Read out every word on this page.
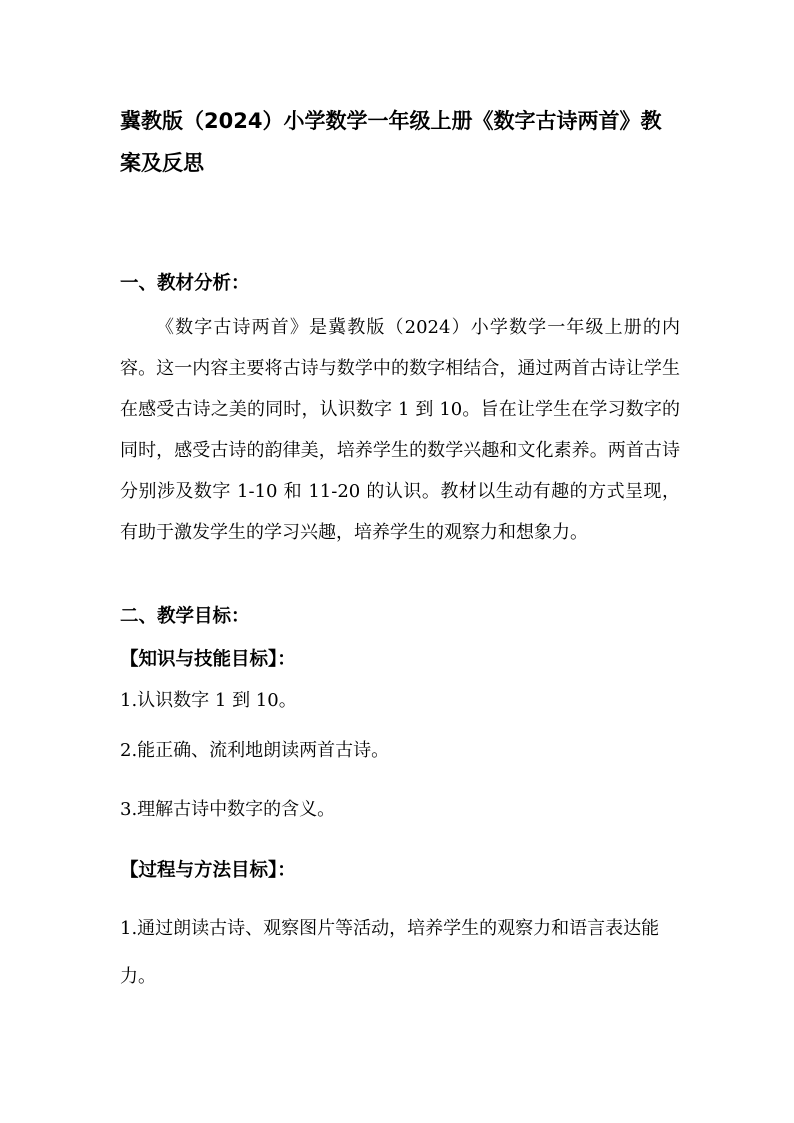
冀教版（2024）小学数学一年级上册《数字古诗两首》教案及反思
一、教材分析：

《数字古诗两首》是冀教版（2024）小学数学一年级上册的内容。这一内容主要将古诗与数学中的数字相结合，通过两首古诗让学生在感受古诗之美的同时，认识数字 1 到 10。旨在让学生在学习数字的同时，感受古诗的韵律美，培养学生的数学兴趣和文化素养。两首古诗分别涉及数字 1-10 和 11-20 的认识。教材以生动有趣的方式呈现，有助于激发学生的学习兴趣，培养学生的观察力和想象力。

二、教学目标：
【知识与技能目标】：

1.认识数字 1 到 10。

2.能正确、流利地朗读两首古诗。

3.理解古诗中数字的含义。

【过程与方法目标】：

1.通过朗读古诗、观察图片等活动，培养学生的观察力和语言表达能力。
